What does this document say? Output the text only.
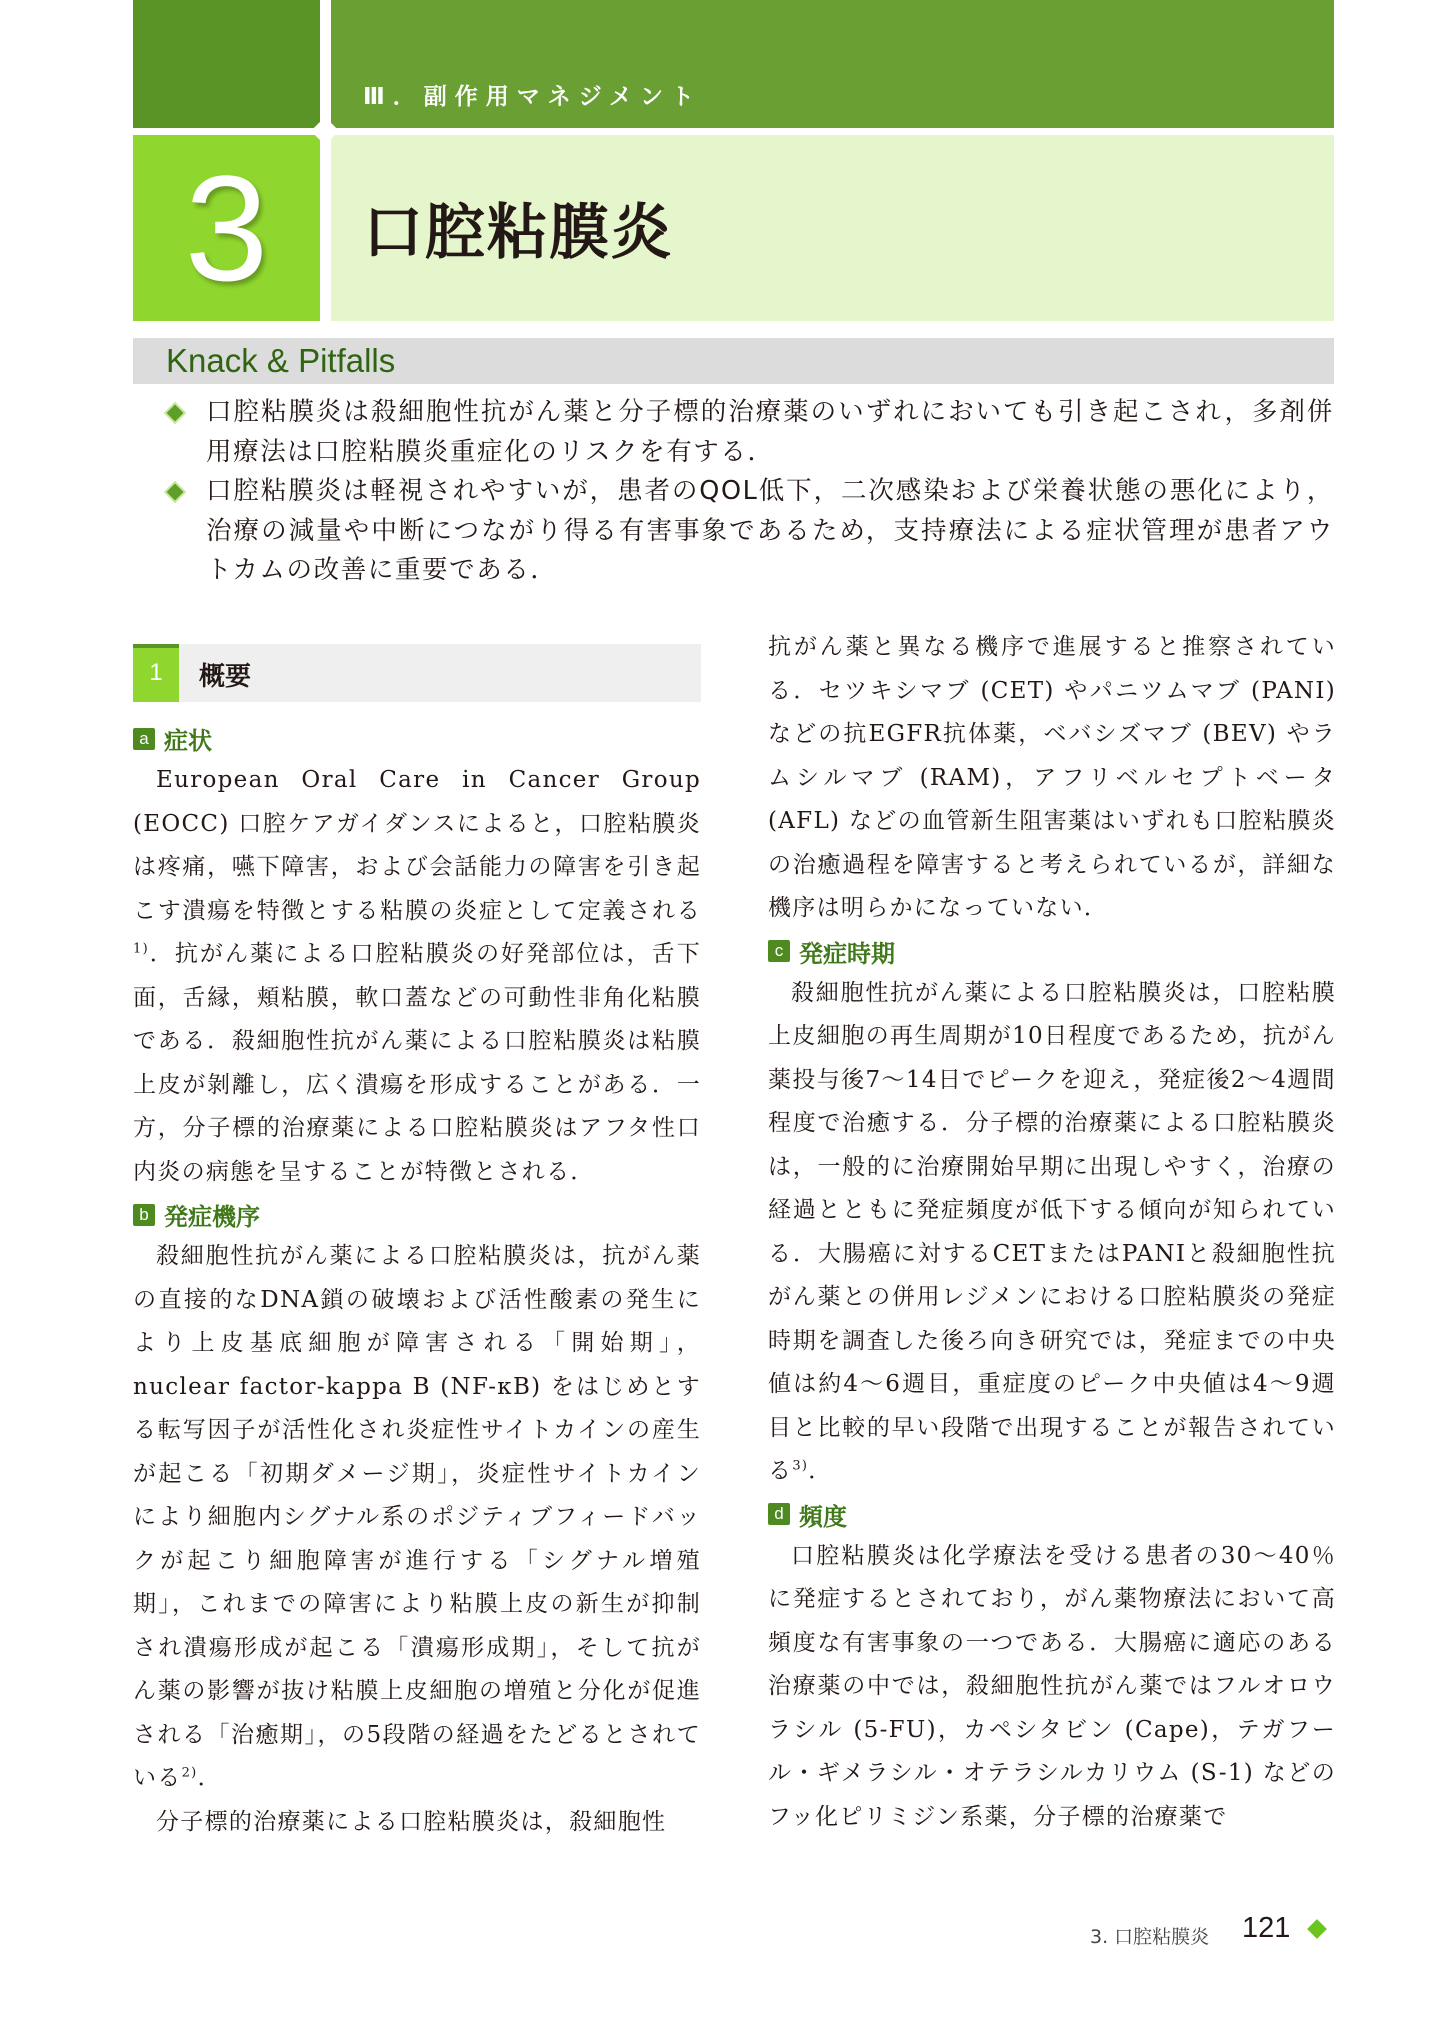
Ⅲ．副作用マネジメント
3	口腔粘膜炎
Knack & Pitfalls
口腔粘膜炎は殺細胞性抗がん薬と分子標的治療薬のいずれにおいても引き起こされ，多剤併用療法は口腔粘膜炎重症化のリスクを有する．
口腔粘膜炎は軽視されやすいが，患者のQOL低下，二次感染および栄養状態の悪化により，治療の減量や中断につながり得る有害事象であるため，支持療法による症状管理が患者アウトカムの改善に重要である．
1	概要
a 症状

European Oral Care in Cancer Group (EOCC) 口腔ケアガイダンスによると，口腔粘膜炎は疼痛，嚥下障害，および会話能力の障害を引き起こす潰瘍を特徴とする粘膜の炎症として定義される$^{1)}$．抗がん薬による口腔粘膜炎の好発部位は，舌下面，舌縁，頬粘膜，軟口蓋などの可動性非角化粘膜である．殺細胞性抗がん薬による口腔粘膜炎は粘膜上皮が剝離し，広く潰瘍を形成することがある．一方，分子標的治療薬による口腔粘膜炎はアフタ性口内炎の病態を呈することが特徴とされる．

b 発症機序

殺細胞性抗がん薬による口腔粘膜炎は，抗がん薬の直接的なDNA鎖の破壊および活性酸素の発生により上皮基底細胞が障害される「開始期」，nuclear factor-kappa B (NF-κB) をはじめとする転写因子が活性化され炎症性サイトカインの産生が起こる「初期ダメージ期」，炎症性サイトカインにより細胞内シグナル系のポジティブフィードバックが起こり細胞障害が進行する「シグナル増殖期」，これまでの障害により粘膜上皮の新生が抑制され潰瘍形成が起こる「潰瘍形成期」，そして抗がん薬の影響が抜け粘膜上皮細胞の増殖と分化が促進される「治癒期」，の5段階の経過をたどるとされている$^{2)}$．

分子標的治療薬による口腔粘膜炎は，殺細胞性

抗がん薬と異なる機序で進展すると推察されている．セツキシマブ (CET) やパニツムマブ (PANI) などの抗EGFR抗体薬，ベバシズマブ (BEV) やラムシルマブ (RAM)，アフリベルセプトベータ (AFL) などの血管新生阻害薬はいずれも口腔粘膜炎の治癒過程を障害すると考えられているが，詳細な機序は明らかになっていない．

c 発症時期

殺細胞性抗がん薬による口腔粘膜炎は，口腔粘膜上皮細胞の再生周期が10日程度であるため，抗がん薬投与後7〜14日でピークを迎え，発症後2〜4週間程度で治癒する．分子標的治療薬による口腔粘膜炎は，一般的に治療開始早期に出現しやすく，治療の経過とともに発症頻度が低下する傾向が知られている．大腸癌に対するCETまたはPANIと殺細胞性抗がん薬との併用レジメンにおける口腔粘膜炎の発症時期を調査した後ろ向き研究では，発症までの中央値は約4〜6週目，重症度のピーク中央値は4〜9週目と比較的早い段階で出現することが報告されている$^{3)}$．

d 頻度

口腔粘膜炎は化学療法を受ける患者の30〜40％に発症するとされており，がん薬物療法において高頻度な有害事象の一つである．大腸癌に適応のある治療薬の中では，殺細胞性抗がん薬ではフルオロウラシル (5-FU)，カペシタビン (Cape)，テガフール・ギメラシル・オテラシルカリウム (S-1) などのフッ化ピリミジン系薬，分子標的治療薬で

3. 口腔粘膜炎 121
